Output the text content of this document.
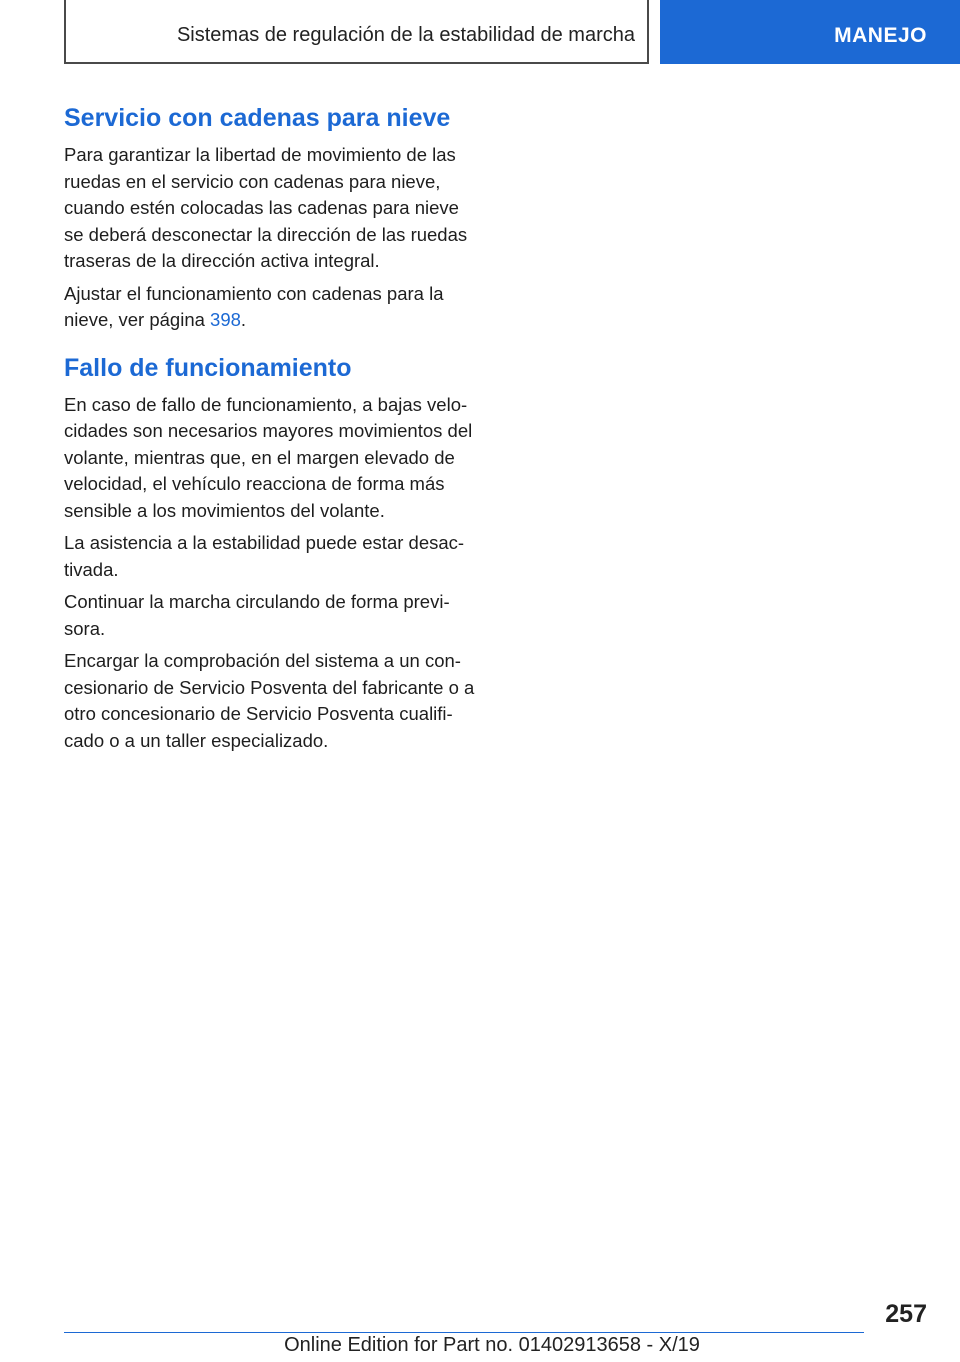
Sistemas de regulación de la estabilidad de marcha	MANEJO
Servicio con cadenas para nieve

Para garantizar la libertad de movimiento de las ruedas en el servicio con cadenas para nieve, cuando estén colocadas las cadenas para nieve se deberá desconectar la dirección de las ruedas traseras de la dirección activa integral.

Ajustar el funcionamiento con cadenas para la nieve, ver página 398.

Fallo de funcionamiento

En caso de fallo de funcionamiento, a bajas velocidades son necesarios mayores movimientos del volante, mientras que, en el margen elevado de velocidad, el vehículo reacciona de forma más sensible a los movimientos del volante.

La asistencia a la estabilidad puede estar desactivada.

Continuar la marcha circulando de forma previsora.

Encargar la comprobación del sistema a un concesionario de Servicio Posventa del fabricante o a otro concesionario de Servicio Posventa cualificado o a un taller especializado.

257
Online Edition for Part no. 01402913658 - X/19
